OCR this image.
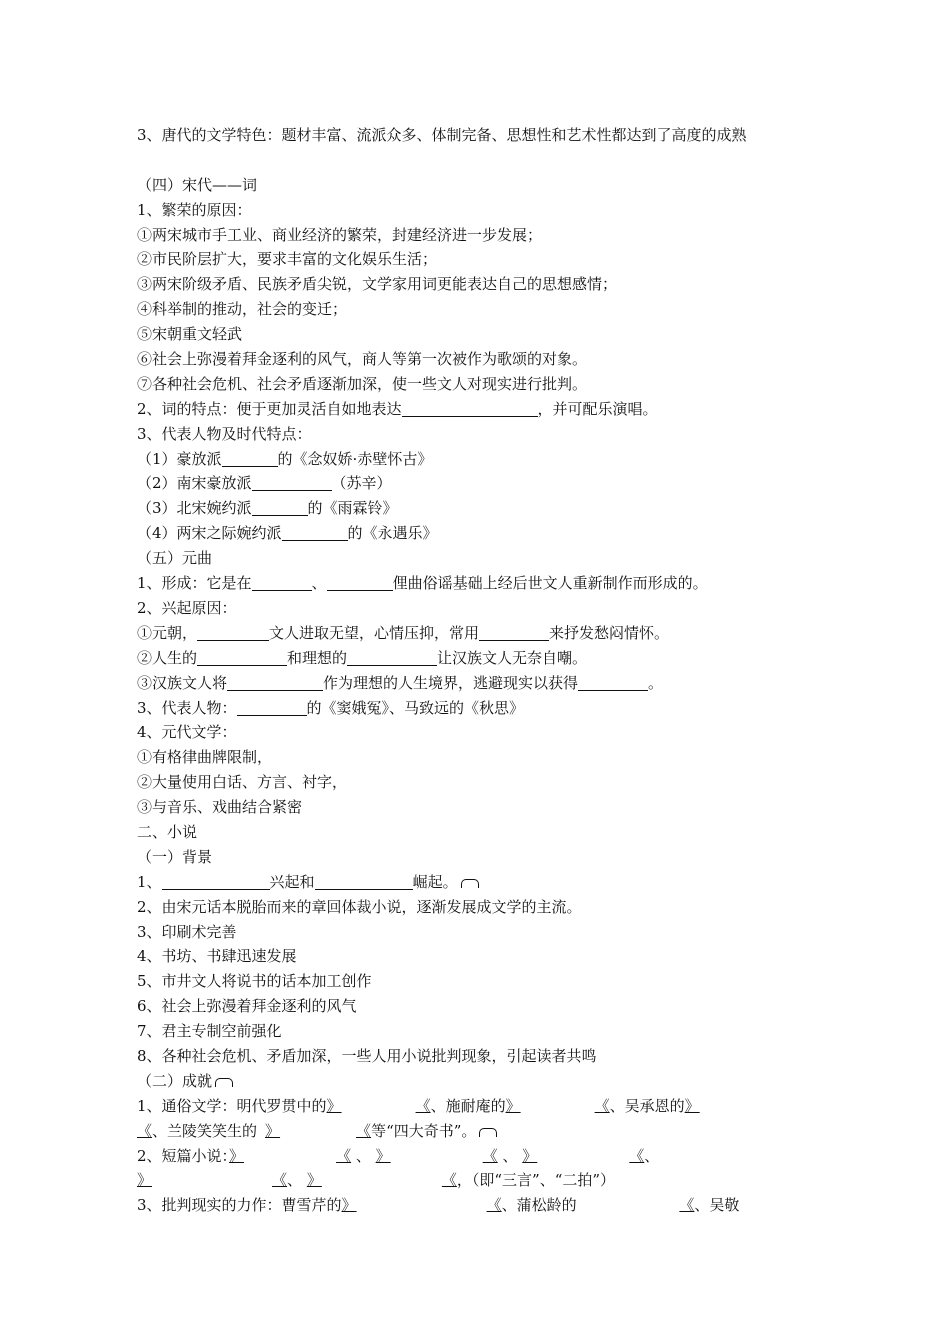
3、唐代的文学特色：题材丰富、流派众多、体制完备、思想性和艺术性都达到了高度的成熟
（四）宋代——词
1、繁荣的原因：
①两宋城市手工业、商业经济的繁荣，封建经济进一步发展；
②市民阶层扩大，要求丰富的文化娱乐生活；
③两宋阶级矛盾、民族矛盾尖锐，文学家用词更能表达自己的思想感情；
④科举制的推动，社会的变迁；
⑤宋朝重文轻武
⑥社会上弥漫着拜金逐利的风气，商人等第一次被作为歌颂的对象。
⑦各种社会危机、社会矛盾逐渐加深，使一些文人对现实进行批判。
2、词的特点：便于更加灵活自如地表达	，并可配乐演唱。
3、代表人物及时代特点：
（1）豪放派	的《念奴娇·赤壁怀古》
（2）南宋豪放派	（苏辛）
（3）北宋婉约派	的《雨霖铃》
（4）两宋之际婉约派	的《永遇乐》
（五）元曲
1、形成：它是在	、	俚曲俗谣基础上经后世文人重新制作而形成的。
2、兴起原因：
①元朝，	文人进取无望，心情压抑，常用	来抒发愁闷情怀。
②人生的	和理想的	让汉族文人无奈自嘲。
③汉族文人将	作为理想的人生境界，逃避现实以获得	。
3、代表人物：	的《窦娥冤》、马致远的《秋思》
4、元代文学：
①有格律曲牌限制，
②大量使用白话、方言、衬字，
③与音乐、戏曲结合紧密
二、小说
（一）背景
1、	兴起和	崛起。
2、由宋元话本脱胎而来的章回体裁小说，逐渐发展成文学的主流。
3、印刷术完善
4、书坊、书肆迅速发展
5、市井文人将说书的话本加工创作
6、社会上弥漫着拜金逐利的风气
7、君主专制空前强化
8、各种社会危机、矛盾加深，一些人用小说批判现象，引起读者共鸣
（二）成就
1、通俗文学：明代罗贯中的》	《、施耐庵的》	《、吴承恩的》
《、兰陵笑笑生的 》	《等“四大奇书”。
2、短篇小说：》	《 、 》	《 、 》	《、
》	《、 》	《，（即“三言”、“二拍”）
3、批判现实的力作：曹雪芹的》	《、蒲松龄的	《、吴敬
